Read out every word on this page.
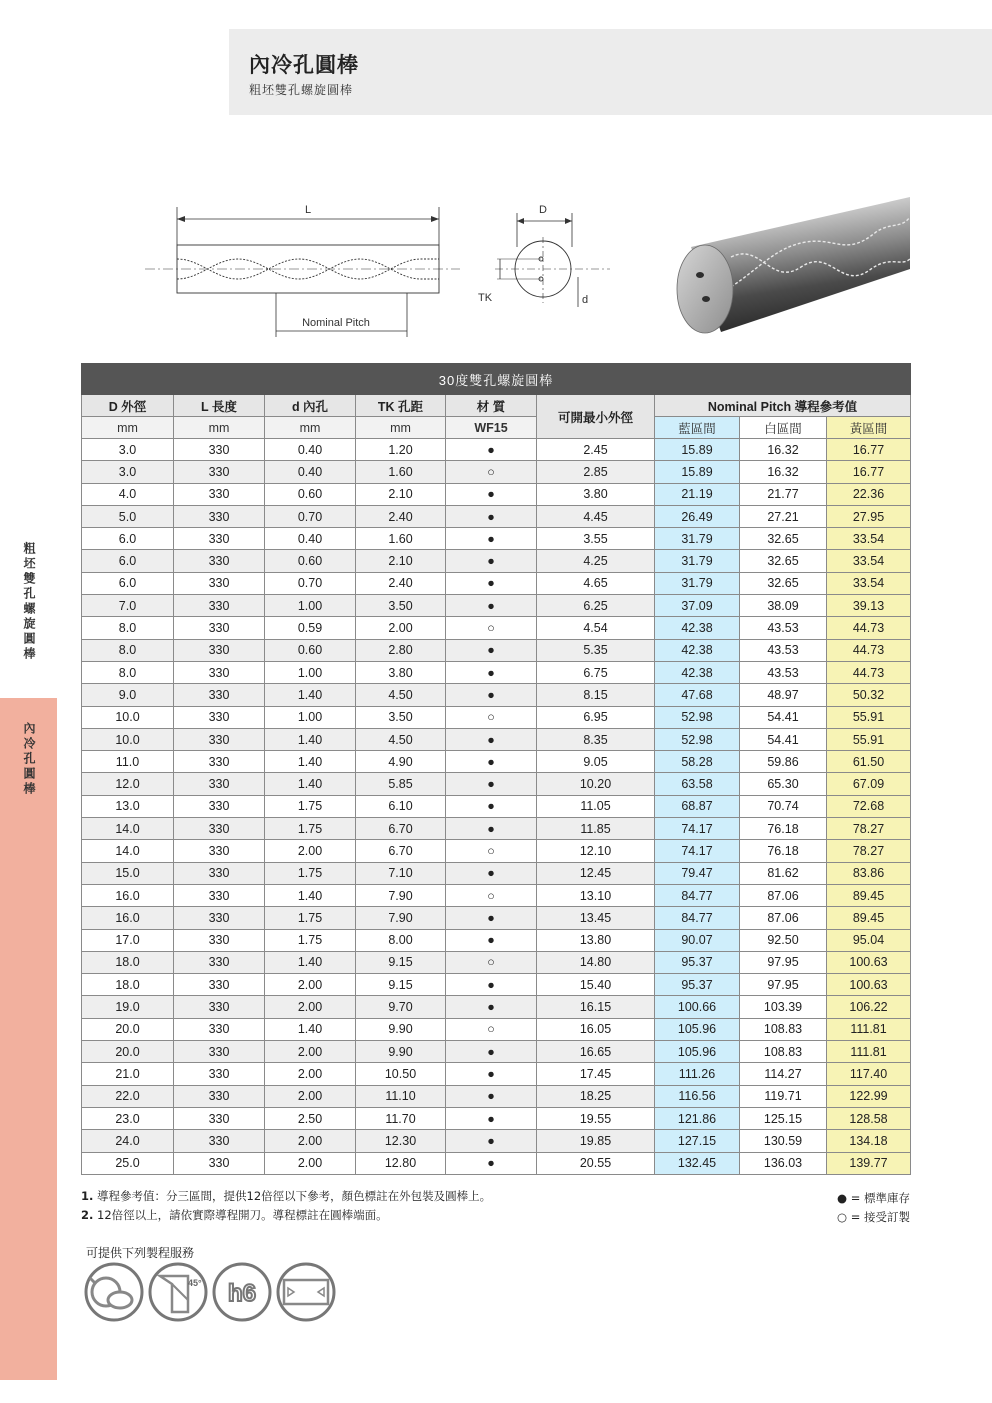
粗坯雙孔螺旋圓棒
內冷孔圓棒
內冷孔圓棒
粗坯雙孔螺旋圓棒
L
Nominal Pitch
D
TK	d
30度雙孔螺旋圓棒								
D 外徑	L 長度	d 內孔	TK 孔距	材 質	可開最小外徑	Nominal Pitch 導程參考值		
mm	mm	mm	mm	WF15		藍區間	白區間	黃區間
3.0	330	0.40	1.20	●	2.45	15.89	16.32	16.77
3.0	330	0.40	1.60	○	2.85	15.89	16.32	16.77
4.0	330	0.60	2.10	●	3.80	21.19	21.77	22.36
5.0	330	0.70	2.40	●	4.45	26.49	27.21	27.95
6.0	330	0.40	1.60	●	3.55	31.79	32.65	33.54
6.0	330	0.60	2.10	●	4.25	31.79	32.65	33.54
6.0	330	0.70	2.40	●	4.65	31.79	32.65	33.54
7.0	330	1.00	3.50	●	6.25	37.09	38.09	39.13
8.0	330	0.59	2.00	○	4.54	42.38	43.53	44.73
8.0	330	0.60	2.80	●	5.35	42.38	43.53	44.73
8.0	330	1.00	3.80	●	6.75	42.38	43.53	44.73
9.0	330	1.40	4.50	●	8.15	47.68	48.97	50.32
10.0	330	1.00	3.50	○	6.95	52.98	54.41	55.91
10.0	330	1.40	4.50	●	8.35	52.98	54.41	55.91
11.0	330	1.40	4.90	●	9.05	58.28	59.86	61.50
12.0	330	1.40	5.85	●	10.20	63.58	65.30	67.09
13.0	330	1.75	6.10	●	11.05	68.87	70.74	72.68
14.0	330	1.75	6.70	●	11.85	74.17	76.18	78.27
14.0	330	2.00	6.70	○	12.10	74.17	76.18	78.27
15.0	330	1.75	7.10	●	12.45	79.47	81.62	83.86
16.0	330	1.40	7.90	○	13.10	84.77	87.06	89.45
16.0	330	1.75	7.90	●	13.45	84.77	87.06	89.45
17.0	330	1.75	8.00	●	13.80	90.07	92.50	95.04
18.0	330	1.40	9.15	○	14.80	95.37	97.95	100.63
18.0	330	2.00	9.15	●	15.40	95.37	97.95	100.63
19.0	330	2.00	9.70	●	16.15	100.66	103.39	106.22
20.0	330	1.40	9.90	○	16.05	105.96	108.83	111.81
20.0	330	2.00	9.90	●	16.65	105.96	108.83	111.81
21.0	330	2.00	10.50	●	17.45	111.26	114.27	117.40
22.0	330	2.00	11.10	●	18.25	116.56	119.71	122.99
23.0	330	2.50	11.70	●	19.55	121.86	125.15	128.58
24.0	330	2.00	12.30	●	19.85	127.15	130.59	134.18
25.0	330	2.00	12.80	●	20.55	132.45	136.03	139.77
1. 導程參考值：分三區間，提供12倍徑以下參考，顏色標註在外包裝及圓棒上。
2. 12倍徑以上，請依實際導程開刀。導程標註在圓棒端面。
● = 標準庫存
○ = 接受訂製
可提供下列製程服務
45° h6
